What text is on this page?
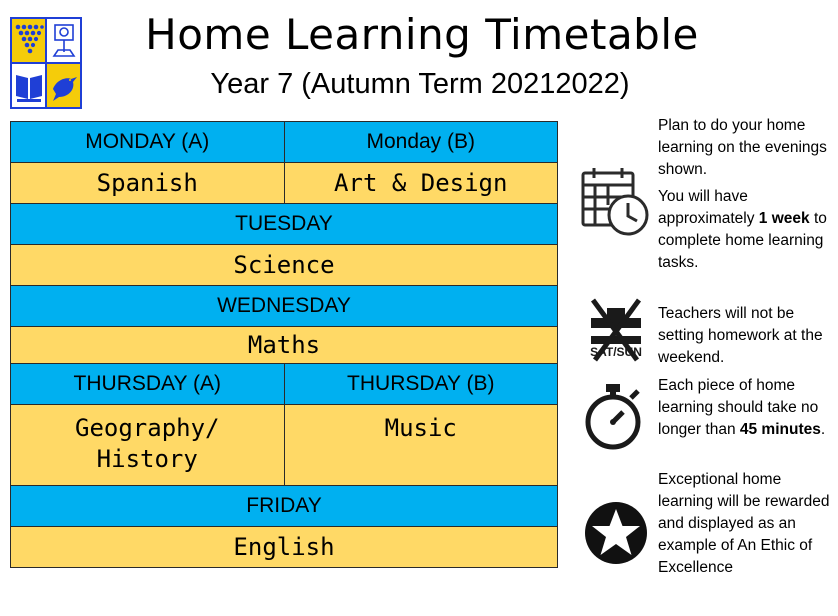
Home Learning Timetable
Year 7 (Autumn Term 20212022)
MONDAY (A)	Monday (B)
Spanish	Art & Design
TUESDAY	
Science	
WEDNESDAY	
Maths	
THURSDAY (A)	THURSDAY (B)
Geography/
History	Music
FRIDAY	
English	
SAT/SUN
Plan to do your home learning on the evenings shown.
You will have approximately 1 week to complete home learning tasks.
Teachers will not be setting homework at the weekend.
Each piece of home learning should take no longer than 45 minutes.
Exceptional home learning will be rewarded and displayed as an example of An Ethic of Excellence
